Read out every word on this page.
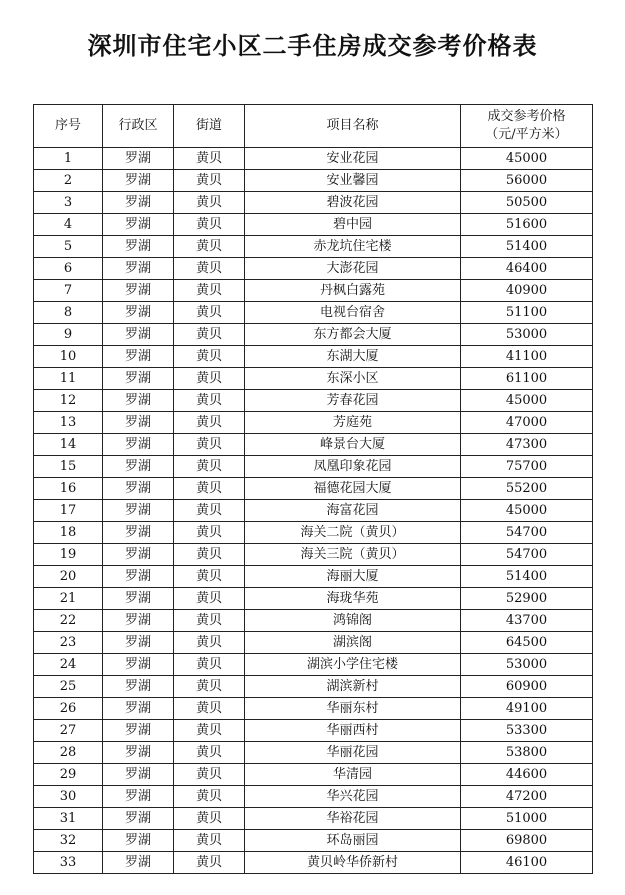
深圳市住宅小区二手住房成交参考价格表
序号	行政区	街道	项目名称	成交参考价格
（元/平方米）

1	罗湖	黄贝	安业花园	45000
2	罗湖	黄贝	安业馨园	56000
3	罗湖	黄贝	碧波花园	50500
4	罗湖	黄贝	碧中园	51600
5	罗湖	黄贝	赤龙坑住宅楼	51400
6	罗湖	黄贝	大澎花园	46400
7	罗湖	黄贝	丹枫白露苑	40900
8	罗湖	黄贝	电视台宿舍	51100
9	罗湖	黄贝	东方都会大厦	53000
10	罗湖	黄贝	东湖大厦	41100
11	罗湖	黄贝	东深小区	61100
12	罗湖	黄贝	芳春花园	45000
13	罗湖	黄贝	芳庭苑	47000
14	罗湖	黄贝	峰景台大厦	47300
15	罗湖	黄贝	凤凰印象花园	75700
16	罗湖	黄贝	福德花园大厦	55200
17	罗湖	黄贝	海富花园	45000
18	罗湖	黄贝	海关二院（黄贝）	54700
19	罗湖	黄贝	海关三院（黄贝）	54700
20	罗湖	黄贝	海丽大厦	51400
21	罗湖	黄贝	海珑华苑	52900
22	罗湖	黄贝	鸿锦阁	43700
23	罗湖	黄贝	湖滨阁	64500
24	罗湖	黄贝	湖滨小学住宅楼	53000
25	罗湖	黄贝	湖滨新村	60900
26	罗湖	黄贝	华丽东村	49100
27	罗湖	黄贝	华丽西村	53300
28	罗湖	黄贝	华丽花园	53800
29	罗湖	黄贝	华清园	44600
30	罗湖	黄贝	华兴花园	47200
31	罗湖	黄贝	华裕花园	51000
32	罗湖	黄贝	环岛丽园	69800
33	罗湖	黄贝	黄贝岭华侨新村	46100
